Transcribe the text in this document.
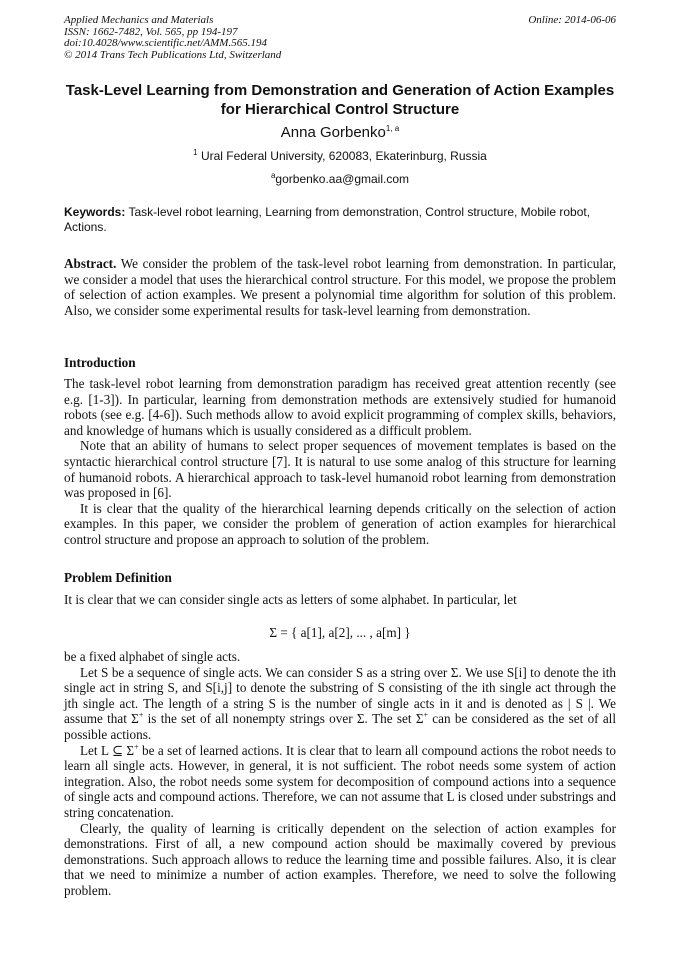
Applied Mechanics and Materials
ISSN: 1662-7482, Vol. 565, pp 194-197
doi:10.4028/www.scientific.net/AMM.565.194
© 2014 Trans Tech Publications Ltd, Switzerland
Online: 2014-06-06
Task-Level Learning from Demonstration and Generation of Action Examples for Hierarchical Control Structure
Anna Gorbenko$^{1, a}$
$^1$ Ural Federal University, 620083, Ekaterinburg, Russia
$^a$gorbenko.aa@gmail.com
Keywords: Task-level robot learning, Learning from demonstration, Control structure, Mobile robot, Actions.
Abstract. We consider the problem of the task-level robot learning from demonstration. In particular, we consider a model that uses the hierarchical control structure. For this model, we propose the problem of selection of action examples. We present a polynomial time algorithm for solution of this problem. Also, we consider some experimental results for task-level learning from demonstration.
Introduction

The task-level robot learning from demonstration paradigm has received great attention recently (see e.g. [1-3]). In particular, learning from demonstration methods are extensively studied for humanoid robots (see e.g. [4-6]). Such methods allow to avoid explicit programming of complex skills, behaviors, and knowledge of humans which is usually considered as a difficult problem.

Note that an ability of humans to select proper sequences of movement templates is based on the syntactic hierarchical control structure [7]. It is natural to use some analog of this structure for learning of humanoid robots. A hierarchical approach to task-level humanoid robot learning from demonstration was proposed in [6].

It is clear that the quality of the hierarchical learning depends critically on the selection of action examples. In this paper, we consider the problem of generation of action examples for hierarchical control structure and propose an approach to solution of the problem.

Problem Definition

It is clear that we can consider single acts as letters of some alphabet. In particular, let

Σ = { a[1], a[2], ... , a[m] }

be a fixed alphabet of single acts.

Let S be a sequence of single acts. We can consider S as a string over Σ. We use S[i] to denote the ith single act in string S, and S[i,j] to denote the substring of S consisting of the ith single act through the jth single act. The length of a string S is the number of single acts in it and is denoted as | S |. We assume that Σ+ is the set of all nonempty strings over Σ. The set Σ+ can be considered as the set of all possible actions.

Let L ⊆ Σ+ be a set of learned actions. It is clear that to learn all compound actions the robot needs to learn all single acts. However, in general, it is not sufficient. The robot needs some system of action integration. Also, the robot needs some system for decomposition of compound actions into a sequence of single acts and compound actions. Therefore, we can not assume that L is closed under substrings and string concatenation.

Clearly, the quality of learning is critically dependent on the selection of action examples for demonstrations. First of all, a new compound action should be maximally covered by previous demonstrations. Such approach allows to reduce the learning time and possible failures. Also, it is clear that we need to minimize a number of action examples. Therefore, we need to solve the following problem.
